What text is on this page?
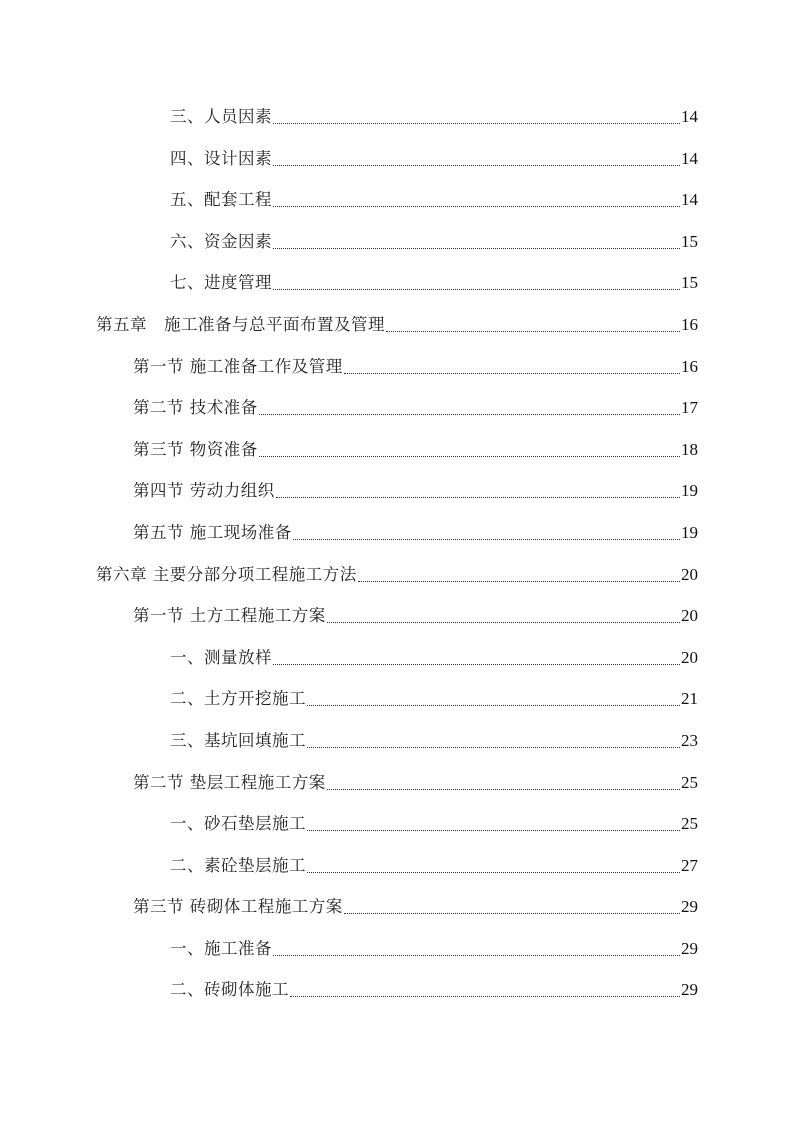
三、人员因素	14
四、设计因素	14
五、配套工程	14
六、资金因素	15
七、进度管理	15
第五章　施工准备与总平面布置及管理	16
第一节 施工准备工作及管理	16
第二节 技术准备	17
第三节 物资准备	18
第四节 劳动力组织	19
第五节 施工现场准备	19
第六章 主要分部分项工程施工方法	20
第一节 土方工程施工方案	20
一、测量放样	20
二、土方开挖施工	21
三、基坑回填施工	23
第二节 垫层工程施工方案	25
一、砂石垫层施工	25
二、素砼垫层施工	27
第三节 砖砌体工程施工方案	29
一、施工准备	29
二、砖砌体施工	29
